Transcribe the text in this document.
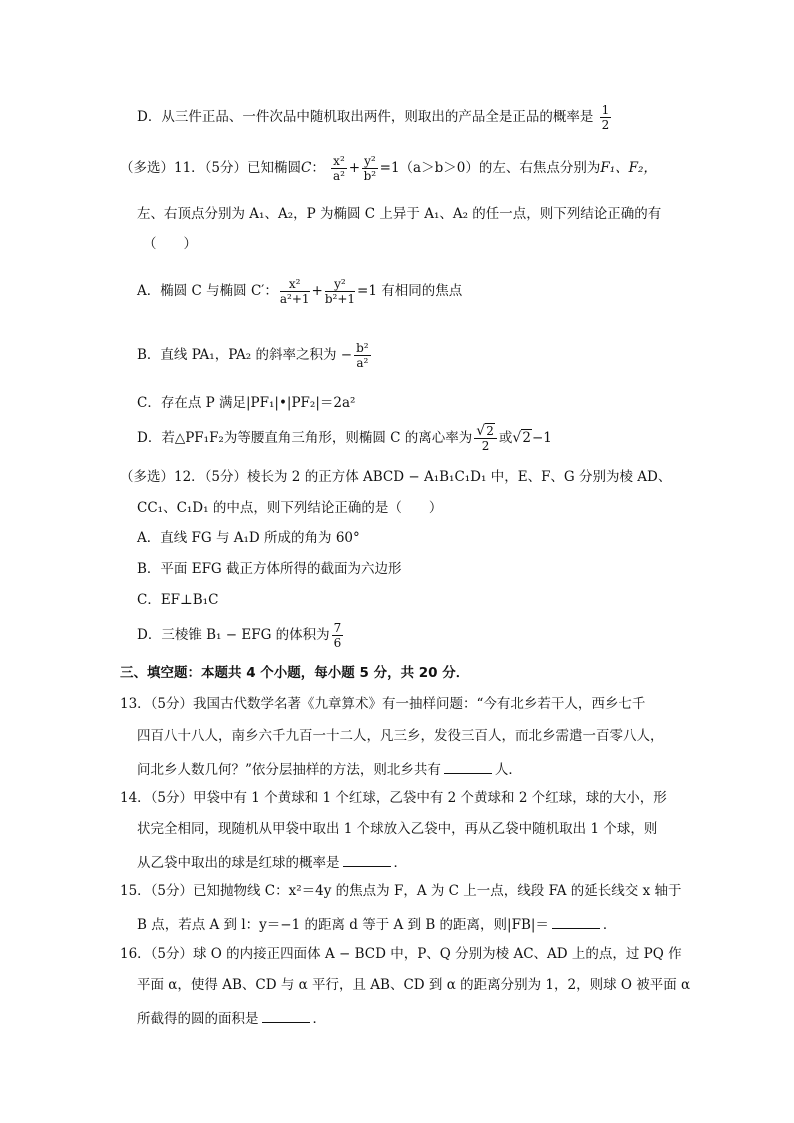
D．从三件正品、一件次品中随机取出两件，则取出的产品全是正品的概率是 $\frac{1}{2}$
（多选）11．（5分）已知椭圆C： $\frac{\text{x²}}{\text{a²}} + \frac{\text{y²}}{\text{b²}} =1(a>b>0)$的左、右焦点分别为F₁、F₂，
左、右顶点分别为 A₁、A₂，P 为椭圆 C 上异于 A₁、A₂ 的任一点，则下列结论正确的有
（　　）
A．椭圆 C 与椭圆 C′： $\frac{\text{x²}}{\text{a²+1}} + \frac{\text{y²}}{\text{b²+1}} =1$ 有相同的焦点
B．直线 PA₁，PA₂ 的斜率之积为 − $\frac{\text{b²}}{\text{a²}}$
C．存在点 P 满足|PF₁|•|PF₂|＝2a²
D．若△PF₁F₂为等腰直角三角形，则椭圆 C 的离心率为 √ $\frac{2}{2}$ 或 √ 2−1
（多选）12．（5分）棱长为 2 的正方体 ABCD − A₁B₁C₁D₁ 中，E、F、G 分别为棱 AD、
CC₁、C₁D₁ 的中点，则下列结论正确的是（　　）
A．直线 FG 与 A₁D 所成的角为 60°
B．平面 EFG 截正方体所得的截面为六边形
C．EF⊥B₁C
D．三棱锥 B₁ − EFG 的体积为 $\frac{7}{6}$
三、填空题：本题共 4 个小题，每小题 5 分，共 20 分．
13．（5分）我国古代数学名著《九章算术》有一抽样问题：“今有北乡若干人，西乡七千
四百八十八人，南乡六千九百一十二人，凡三乡，发役三百人，而北乡需遣一百零八人，
问北乡人数几何？”依分层抽样的方法，则北乡共有	人．
14．（5分）甲袋中有 1 个黄球和 1 个红球，乙袋中有 2 个黄球和 2 个红球，球的大小，形
状完全相同，现随机从甲袋中取出 1 个球放入乙袋中，再从乙袋中随机取出 1 个球，则
从乙袋中取出的球是红球的概率是	．
15．（5分）已知抛物线 C：x²＝4y 的焦点为 F，A 为 C 上一点，线段 FA 的延长线交 x 轴于
B 点，若点 A 到 l：y＝−1 的距离 d 等于 A 到 B 的距离，则|FB|＝	．
16．（5分）球 O 的内接正四面体 A − BCD 中，P、Q 分别为棱 AC、AD 上的点，过 PQ 作
平面 α，使得 AB、CD 与 α 平行，且 AB、CD 到 α 的距离分别为 1，2，则球 O 被平面 α
所截得的圆的面积是	．
